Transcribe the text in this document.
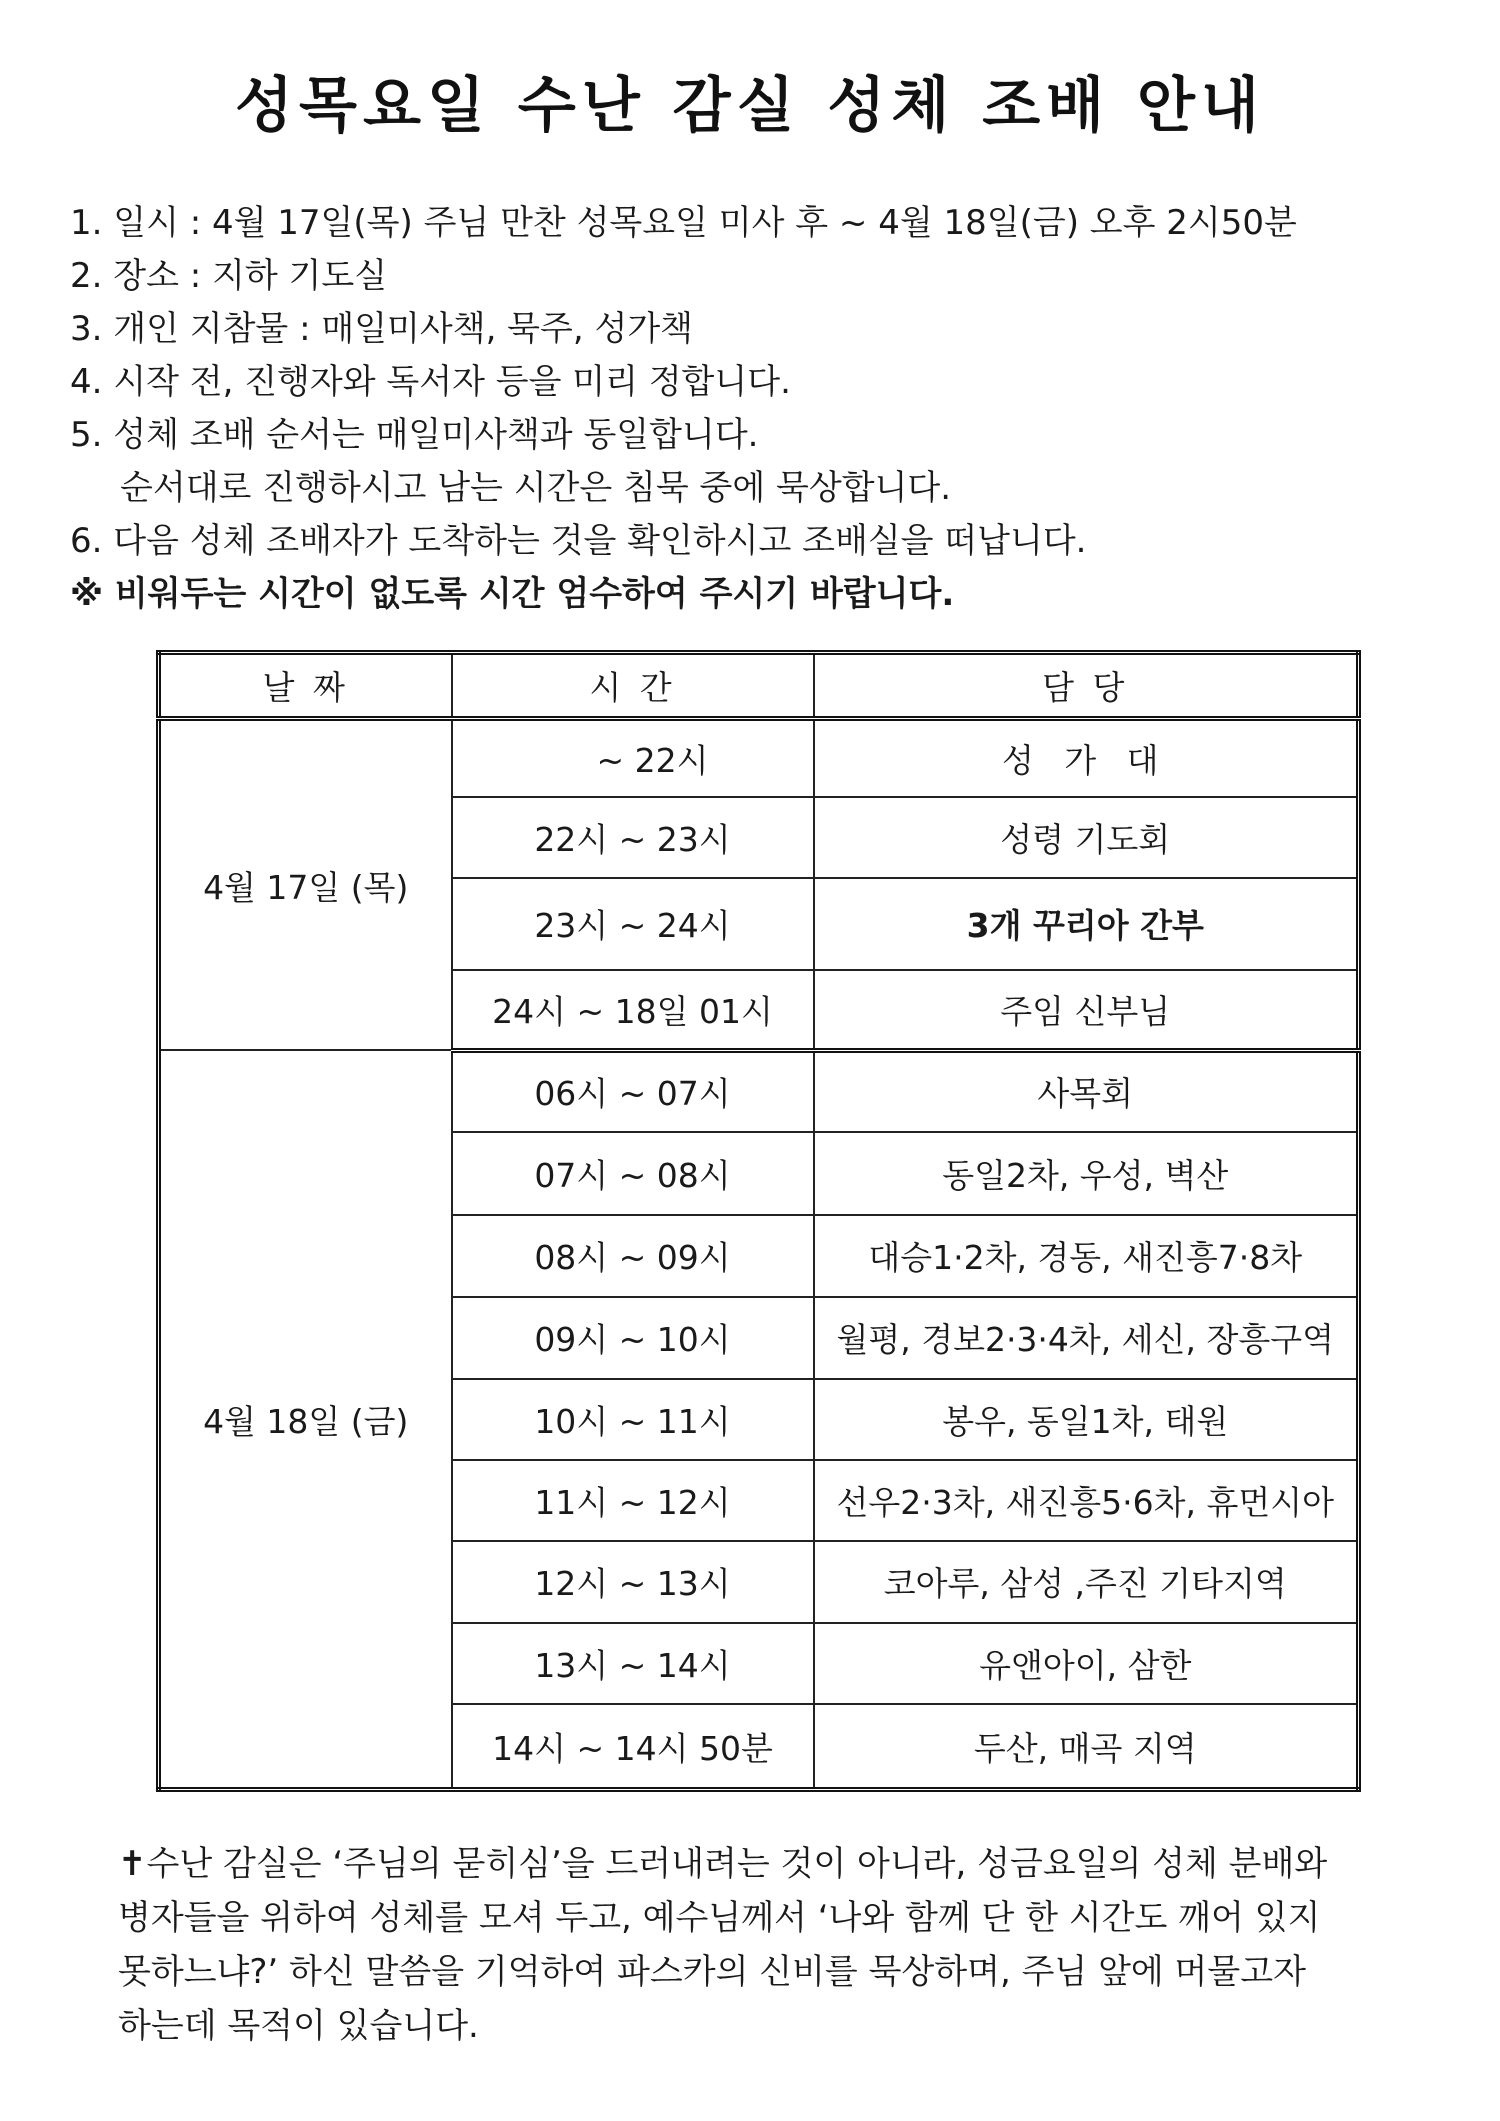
성목요일 수난 감실 성체 조배 안내
1. 일시 : 4월 17일(목) 주님 만찬 성목요일 미사 후 ~ 4월 18일(금) 오후 2시50분
2. 장소 : 지하 기도실
3. 개인 지참물 : 매일미사책, 묵주, 성가책
4. 시작 전, 진행자와 독서자 등을 미리 정합니다.
5. 성체 조배 순서는 매일미사책과 동일합니다.
순서대로 진행하시고 남는 시간은 침묵 중에 묵상합니다.
6. 다음 성체 조배자가 도착하는 것을 확인하시고 조배실을 떠납니다.
※ 비워두는 시간이 없도록 시간 엄수하여 주시기 바랍니다.
날 짜	시 간	담 당
4월 17일 (목)	~ 22시	성 가 대
	22시 ~ 23시	성령 기도회
	23시 ~ 24시	3개 꾸리아 간부
	24시 ~ 18일 01시	주임 신부님
4월 18일 (금)	06시 ~ 07시	사목회
	07시 ~ 08시	동일2차, 우성, 벽산
	08시 ~ 09시	대승1·2차, 경동, 새진흥7·8차
	09시 ~ 10시	월평, 경보2·3·4차, 세신, 장흥구역
	10시 ~ 11시	봉우, 동일1차, 태원
	11시 ~ 12시	선우2·3차, 새진흥5·6차, 휴먼시아
	12시 ~ 13시	코아루, 삼성 ,주진 기타지역
	13시 ~ 14시	유앤아이, 삼한
	14시 ~ 14시 50분	두산, 매곡 지역

✝수난 감실은 ‘주님의 묻히심’을 드러내려는 것이 아니라, 성금요일의 성체 분배와

병자들을 위하여 성체를 모셔 두고, 예수님께서 ‘나와 함께 단 한 시간도 깨어 있지

못하느냐?’ 하신 말씀을 기억하여 파스카의 신비를 묵상하며, 주님 앞에 머물고자

하는데 목적이 있습니다.
